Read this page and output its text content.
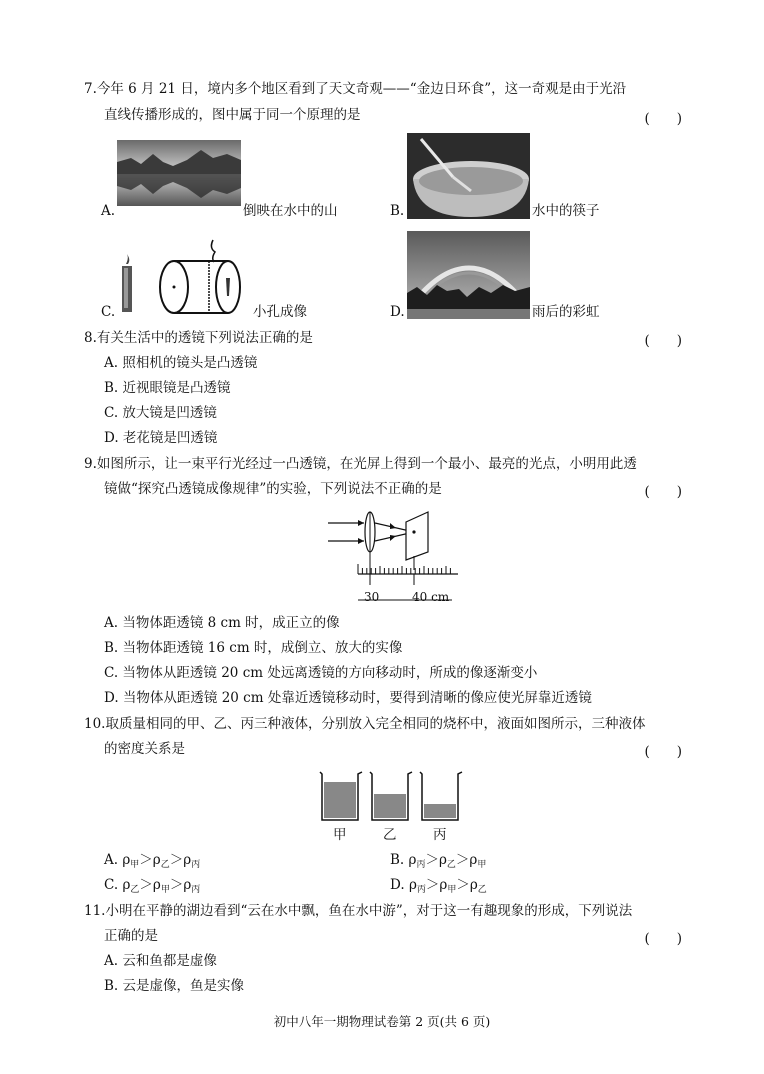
7.今年 6 月 21 日，境内多个地区看到了天文奇观——“金边日环食”，这一奇观是由于光沿
直线传播形成的，图中属于同一个原理的是	(　　)
A.	倒映在水中的山	B.	水中的筷子
C.	小孔成像	D.	雨后的彩虹
8.有关生活中的透镜下列说法正确的是	(　　)
A. 照相机的镜头是凸透镜
B. 近视眼镜是凸透镜
C. 放大镜是凹透镜
D. 老花镜是凹透镜
9.如图所示，让一束平行光经过一凸透镜，在光屏上得到一个最小、最亮的光点，小明用此透
镜做“探究凸透镜成像规律”的实验，下列说法不正确的是	(　　)
30	40 cm
A. 当物体距透镜 8 cm 时，成正立的像
B. 当物体距透镜 16 cm 时，成倒立、放大的实像
C. 当物体从距透镜 20 cm 处远离透镜的方向移动时，所成的像逐渐变小
D. 当物体从距透镜 20 cm 处靠近透镜移动时，要得到清晰的像应使光屏靠近透镜
10.取质量相同的甲、乙、丙三种液体，分别放入完全相同的烧杯中，液面如图所示，三种液体
的密度关系是	(　　)
甲	乙	丙
A. $\rho_甲>\rho_乙>\rho_丙$	B. $\rho_丙>\rho_乙>\rho_甲$
C. $\rho_乙>\rho_甲>\rho_丙$	D. $\rho_丙>\rho_甲>\rho_乙$
11.小明在平静的湖边看到“云在水中飘，鱼在水中游”，对于这一有趣现象的形成，下列说法
正确的是	(　　)
A. 云和鱼都是虚像
B. 云是虚像，鱼是实像
初中八年一期物理试卷第 2 页(共 6 页)
